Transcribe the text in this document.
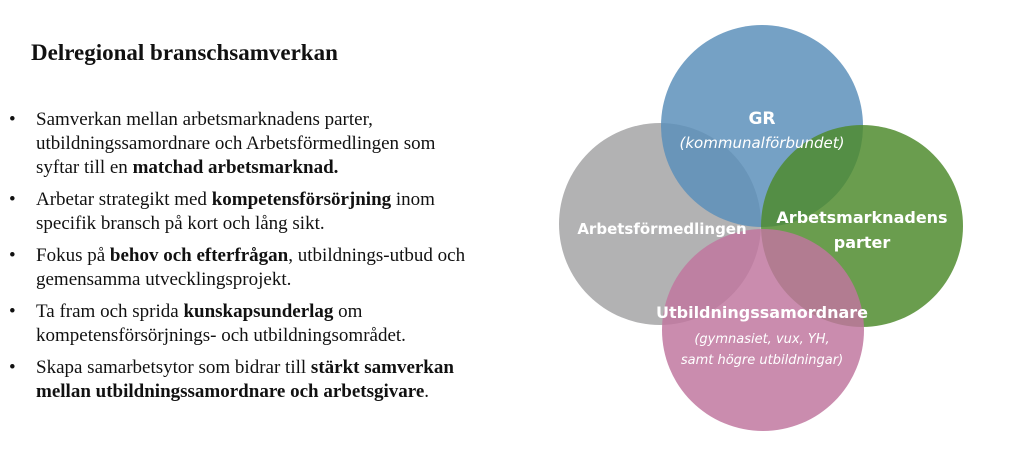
Delregional branschsamverkan
• Samverkan mellan arbetsmarknadens parter, utbildningssamordnare och Arbetsförmedlingen som syftar till en matchad arbetsmarknad.
• Arbetar strategikt med kompetensförsörjning inom specifik bransch på kort och lång sikt.
• Fokus på behov och efterfrågan, utbildnings-utbud och gemensamma utvecklingsprojekt.
• Ta fram och sprida kunskapsunderlag om kompetensförsörjnings- och utbildningsområdet.
• Skapa samarbetsytor som bidrar till stärkt samverkan mellan utbildningssamordnare och arbetsgivare.
GR
(kommunalförbundet)
Arbetsförmedlingen
Arbetsmarknadens
parter
Utbildningssamordnare
(gymnasiet, vux, YH,
samt högre utbildningar)
